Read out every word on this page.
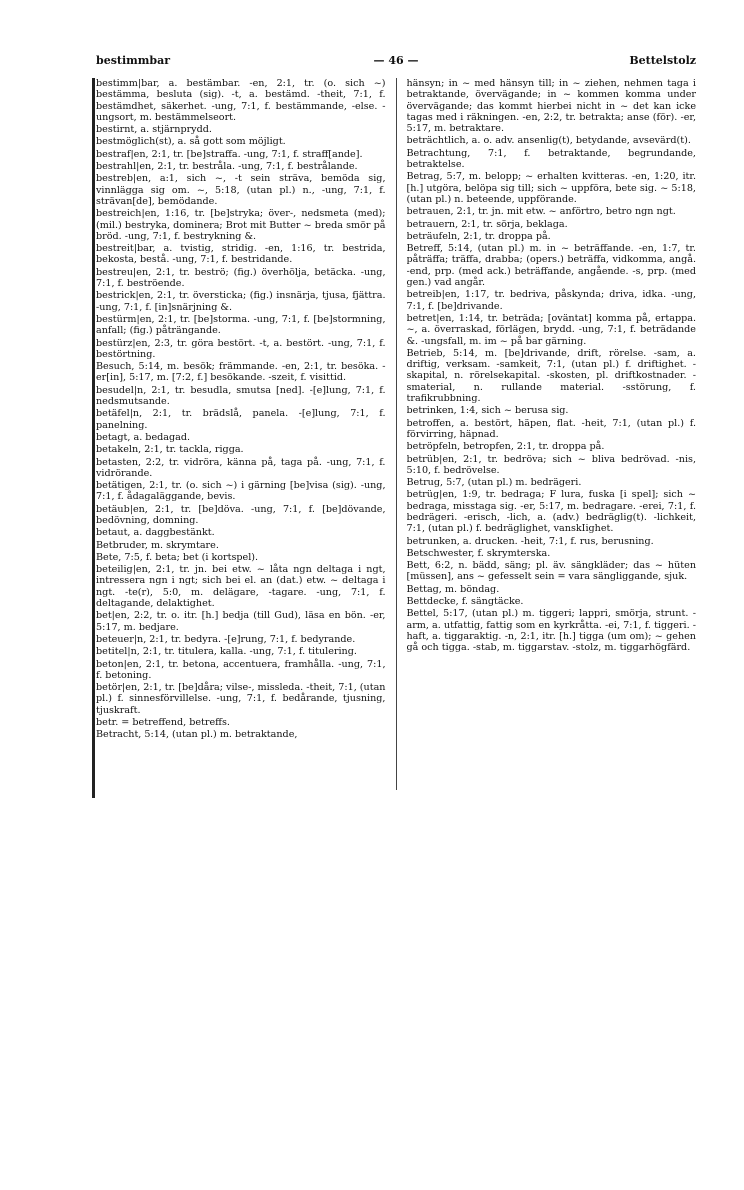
bestimmbar	— 46 —	Bettelstolz
bestimm|bar, a. bestämbar. -en, 2:1, tr. (o. sich ~) bestämma, besluta (sig). -t, a. bestämd. -theit, 7:1, f. bestämdhet, säkerhet. -ung, 7:1, f. bestämmande, -else. -ungsort, m. bestämmelseort.
bestirnt, a. stjärnprydd.
bestmöglich(st), a. så gott som möjligt.
bestraf|en, 2:1, tr. [be]straffa. -ung, 7:1, f. straff[ande].
bestrahl|en, 2:1, tr. bestråla. -ung, 7:1, f. bestrålande.
bestreb|en, a:1, sich ~, -t sein sträva, bemöda sig, vinnlägga sig om. ~, 5:18, (utan pl.) n., -ung, 7:1, f. strävan[de], bemödande.
bestreich|en, 1:16, tr. [be]stryka; över-, nedsmeta (med); (mil.) bestryka, dominera; Brot mit Butter ~ breda smör på bröd. -ung, 7:1, f. bestrykning &.
bestreit|bar, a. tvistig, stridig. -en, 1:16, tr. bestrida, bekosta, bestå. -ung, 7:1, f. bestridande.
bestreu|en, 2:1, tr. beströ; (fig.) överhölja, betäcka. -ung, 7:1, f. beströende.
bestrick|en, 2:1, tr. översticka; (fig.) insnärja, tjusa, fjättra. -ung, 7:1, f. [in]snärjning &.
bestürm|en, 2:1, tr. [be]storma. -ung, 7:1, f. [be]stormning, anfall; (fig.) påträngande.
bestürz|en, 2:3, tr. göra bestört. -t, a. bestört. -ung, 7:1, f. bestörtning.
Besuch, 5:14, m. besök; främmande. -en, 2:1, tr. besöka. -er[in], 5:17, m. [7:2, f.] besökande. -szeit, f. visittid.
besudel|n, 2:1, tr. besudla, smutsa [ned]. -[e]lung, 7:1, f. nedsmutsande.
betäfel|n, 2:1, tr. brädslå, panela. -[e]lung, 7:1, f. panelning.
betagt, a. bedagad.
betakeln, 2:1, tr. tackla, rigga.
betasten, 2:2, tr. vidröra, känna på, taga på. -ung, 7:1, f. vidrörande.
betätigen, 2:1, tr. (o. sich ~) i gärning [be]visa (sig). -ung, 7:1, f. ådagaläggande, bevis.
betäub|en, 2:1, tr. [be]döva. -ung, 7:1, f. [be]dövande, bedövning, domning.
betaut, a. daggbestänkt.
Betbruder, m. skrymtare.
Bete, 7:5, f. beta; bet (i kortspel).
beteilig|en, 2:1, tr. jn. bei etw. ~ låta ngn deltaga i ngt, intressera ngn i ngt; sich bei el. an (dat.) etw. ~ deltaga i ngt. -te(r), 5:0, m. delägare, -tagare. -ung, 7:1, f. deltagande, delaktighet.
bet|en, 2:2, tr. o. itr. [h.] bedja (till Gud), läsa en bön. -er, 5:17, m. bedjare.
beteuer|n, 2:1, tr. bedyra. -[e]rung, 7:1, f. bedyrande.
betitel|n, 2:1, tr. titulera, kalla. -ung, 7:1, f. titulering.
beton|en, 2:1, tr. betona, accentuera, framhålla. -ung, 7:1, f. betoning.
betör|en, 2:1, tr. [be]dåra; vilse-, missleda. -theit, 7:1, (utan pl.) f. sinnesförvillelse. -ung, 7:1, f. bedårande, tjusning, tjuskraft.
betr. = betreffend, betreffs.
Betracht, 5:14, (utan pl.) m. betraktande,
hänsyn; in ~ med hänsyn till; in ~ ziehen, nehmen taga i betraktande, övervägande; in ~ kommen komma under övervägande; das kommt hierbei nicht in ~ det kan icke tagas med i räkningen. -en, 2:2, tr. betrakta; anse (för). -er, 5:17, m. betraktare.
beträchtlich, a. o. adv. ansenlig(t), betydande, avsevärd(t).
Betrachtung, 7:1, f. betraktande, begrundande, betraktelse.
Betrag, 5:7, m. belopp; ~ erhalten kvitteras. -en, 1:20, itr. [h.] utgöra, belöpa sig till; sich ~ uppföra, bete sig. ~ 5:18, (utan pl.) n. beteende, uppförande.
betrauen, 2:1, tr. jn. mit etw. ~ anförtro, betro ngn ngt.
betrauern, 2:1, tr. sörja, beklaga.
beträufeln, 2:1, tr. droppa på.
Betreff, 5:14, (utan pl.) m. in ~ beträffande. -en, 1:7, tr. påträffa; träffa, drabba; (opers.) beträffa, vidkomma, angå. -end, prp. (med ack.) beträffande, angående. -s, prp. (med gen.) vad angår.
betreib|en, 1:17, tr. bedriva, påskynda; driva, idka. -ung, 7:1, f. [be]drivande.
betret|en, 1:14, tr. beträda; [oväntat] komma på, ertappa. ~, a. överraskad, förlägen, brydd. -ung, 7:1, f. beträdande &. -ungsfall, m. im ~ på bar gärning.
Betrieb, 5:14, m. [be]drivande, drift, rörelse. -sam, a. driftig, verksam. -samkeit, 7:1, (utan pl.) f. driftighet. -skapital, n. rörelsekapital. -skosten, pl. driftkostnader. -smaterial, n. rullande material. -sstörung, f. trafikrubbning.
betrinken, 1:4, sich ~ berusa sig.
betroffen, a. bestört, häpen, flat. -heit, 7:1, (utan pl.) f. förvirring, häpnad.
betröpfeln, betropfen, 2:1, tr. droppa på.
betrüb|en, 2:1, tr. bedröva; sich ~ bliva bedrövad. -nis, 5:10, f. bedrövelse.
Betrug, 5:7, (utan pl.) m. bedrägeri.
betrüg|en, 1:9, tr. bedraga; F lura, fuska [i spel]; sich ~ bedraga, misstaga sig. -er, 5:17, m. bedragare. -erei, 7:1, f. bedrägeri. -erisch, -lich, a. (adv.) bedräglig(t). -lichkeit, 7:1, (utan pl.) f. bedräglighet, vanskIighet.
betrunken, a. drucken. -heit, 7:1, f. rus, berusning.
Betschwester, f. skrymterska.
Bett, 6:2, n. bädd, säng; pl. äv. sängkläder; das ~ hüten [müssen], ans ~ gefesselt sein = vara sängliggande, sjuk.
Bettag, m. böndag.
Bettdecke, f. sängtäcke.
Bettel, 5:17, (utan pl.) m. tiggeri; lappri, smörja, strunt. -arm, a. utfattig, fattig som en kyrkråtta. -ei, 7:1, f. tiggeri. -haft, a. tiggaraktig. -n, 2:1, itr. [h.] tigga (um om); ~ gehen gå och tigga. -stab, m. tiggarstav. -stolz, m. tiggarhögfärd.
